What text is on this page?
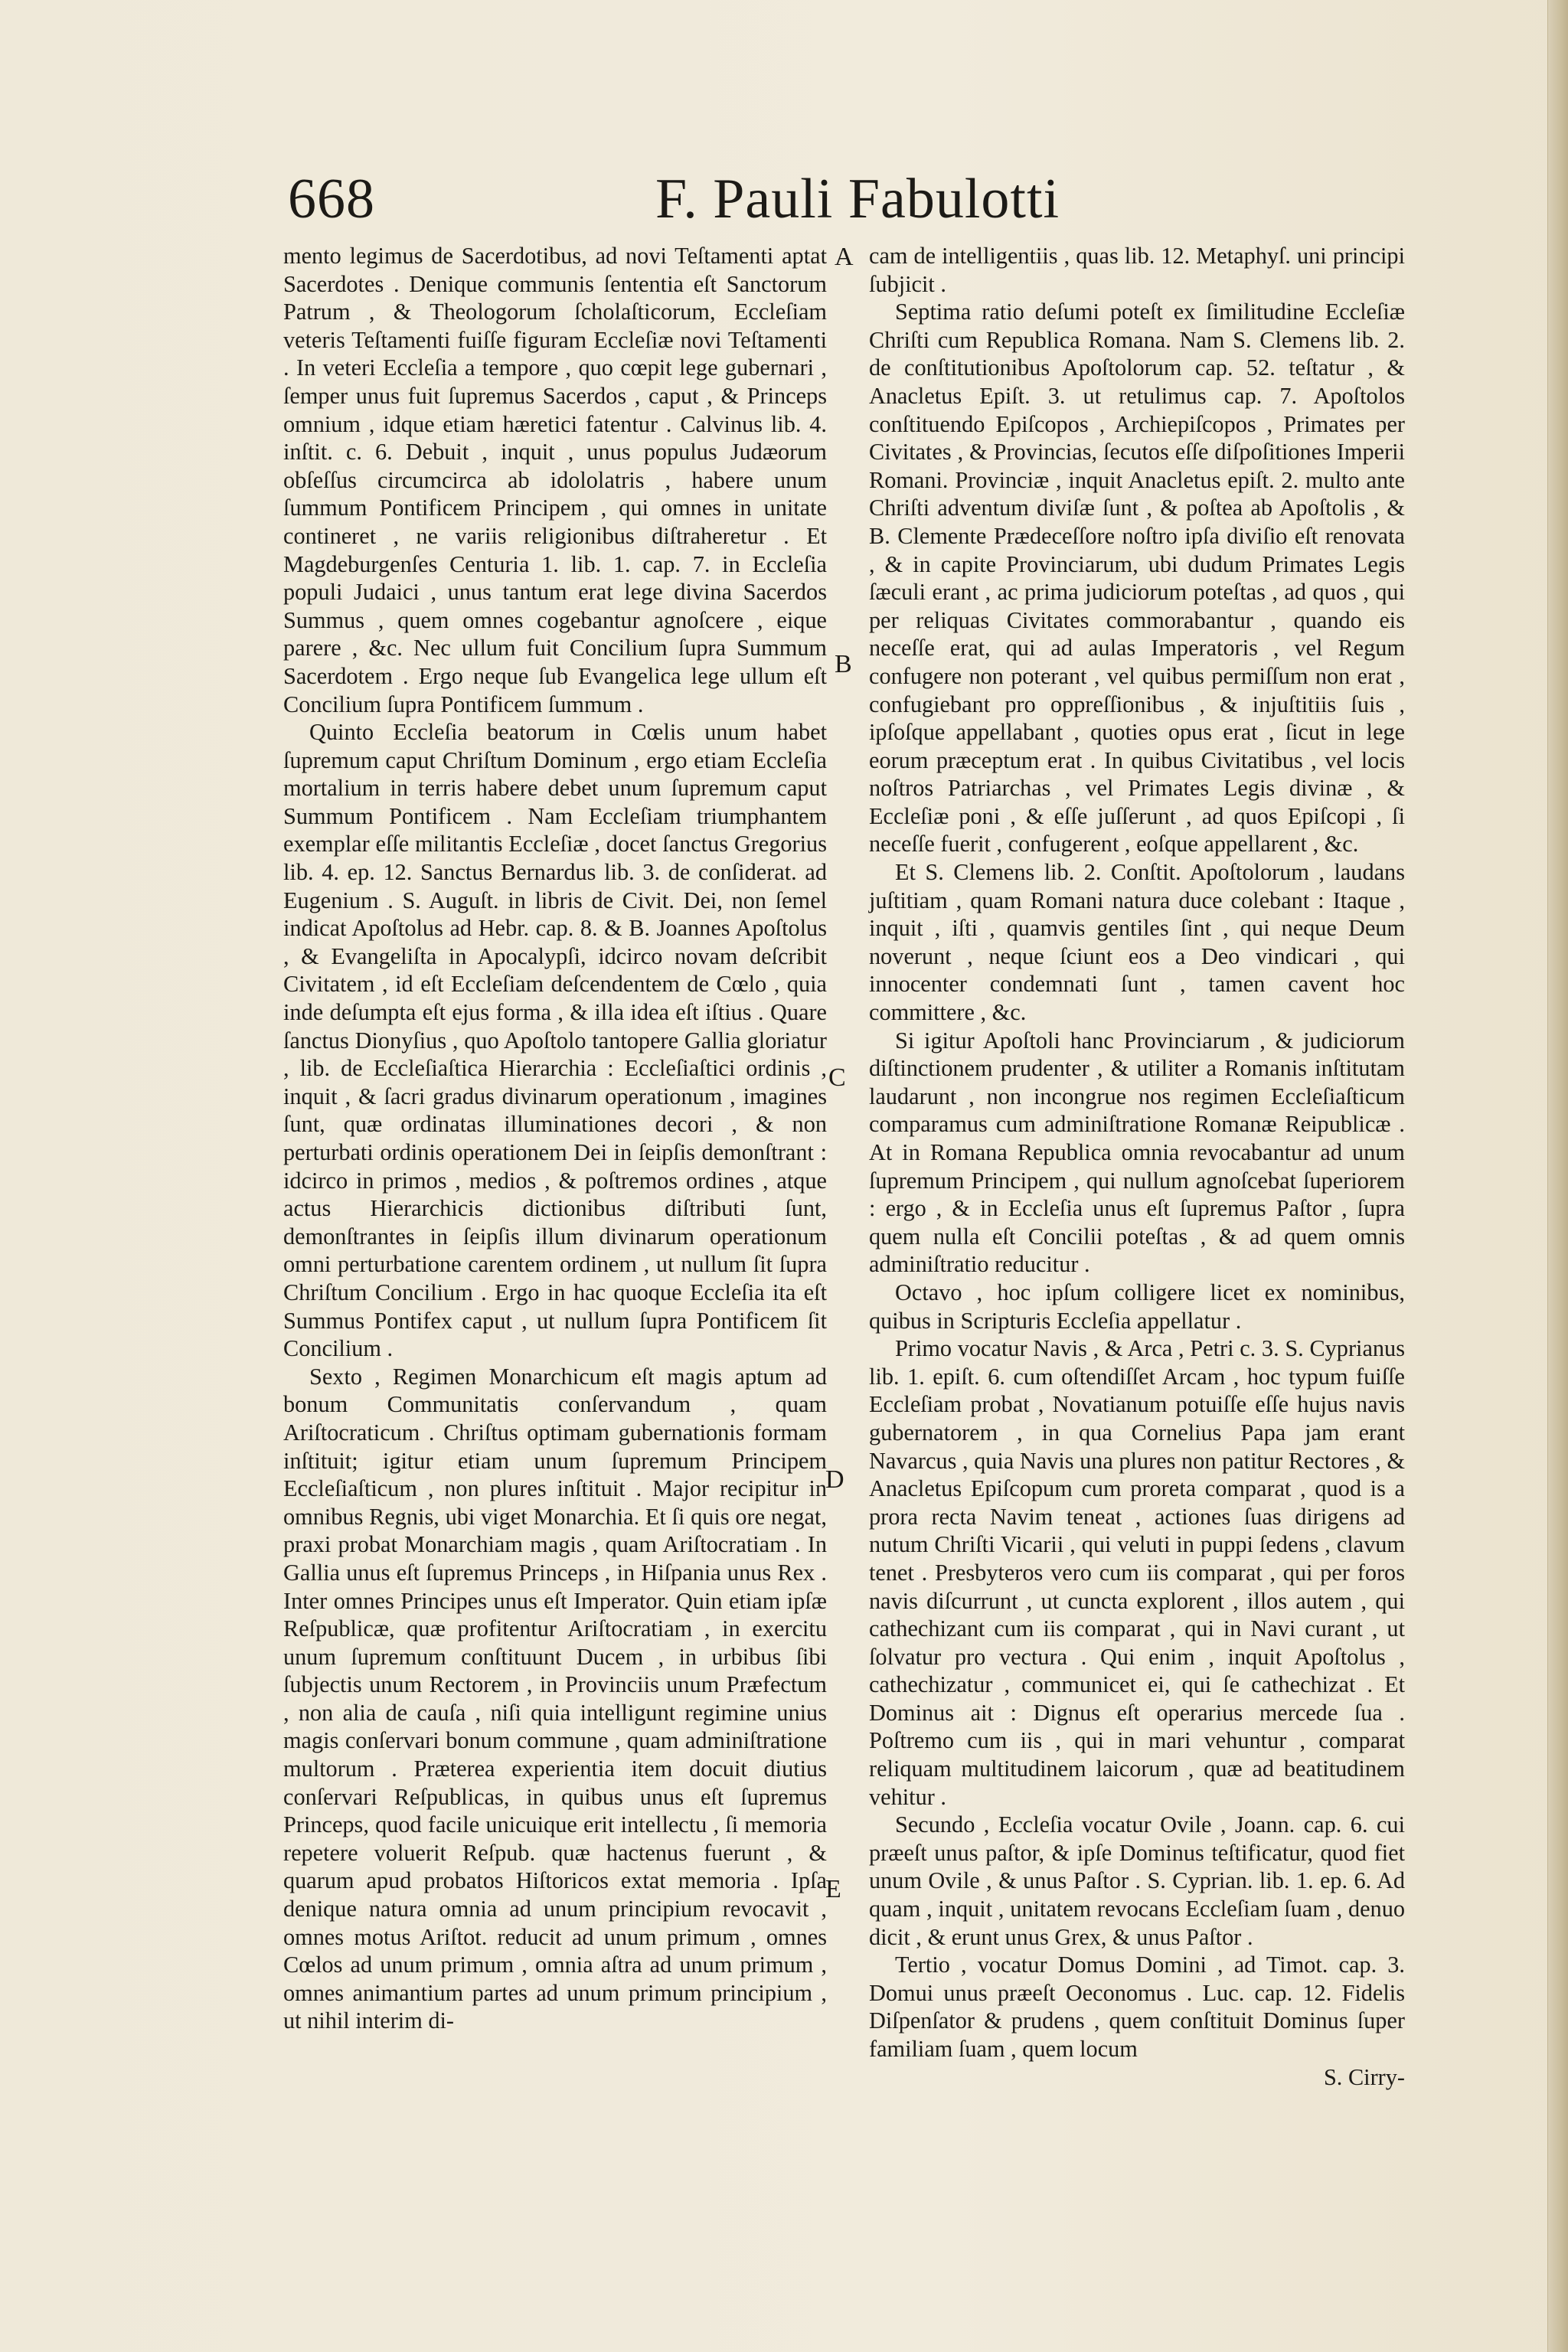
668	F. Pauli Fabulotti

mento legimus de Sacerdotibus, ad novi Teſtamenti aptat Sacerdotes . Denique communis ſententia eſt Sanctorum Patrum , & Theologorum ſcholaſticorum, Eccleſiam veteris Teſtamenti fuiſſe figuram Eccleſiæ novi Teſtamenti . In veteri Eccleſia a tempore , quo cœpit lege gubernari , ſemper unus fuit ſupremus Sacerdos , caput , & Princeps omnium , idque etiam hæretici fatentur . Calvinus lib. 4. inſtit. c. 6. Debuit , inquit , unus populus Judæorum obſeſſus circumcirca ab idololatris , habere unum ſummum Pontificem Principem , qui omnes in unitate contineret , ne variis religionibus diſtraheretur . Et Magdeburgenſes Centuria 1. lib. 1. cap. 7. in Eccleſia populi Judaici , unus tantum erat lege divina Sacerdos Summus , quem omnes cogebantur agnoſcere , eique parere , &c. Nec ullum fuit Concilium ſupra Summum Sacerdotem . Ergo neque ſub Evangelica lege ullum eſt Concilium ſupra Pontificem ſummum .

Quinto Eccleſia beatorum in Cœlis unum habet ſupremum caput Chriſtum Dominum , ergo etiam Eccleſia mortalium in terris habere debet unum ſupremum caput Summum Pontificem . Nam Eccleſiam triumphantem exemplar eſſe militantis Eccleſiæ , docet ſanctus Gregorius lib. 4. ep. 12. Sanctus Bernardus lib. 3. de conſiderat. ad Eugenium . S. Auguſt. in libris de Civit. Dei, non ſemel indicat Apoſtolus ad Hebr. cap. 8. & B. Joannes Apoſtolus , & Evangeliſta in Apocalypſi, idcirco novam deſcribit Civitatem , id eſt Eccleſiam deſcendentem de Cœlo , quia inde deſumpta eſt ejus forma , & illa idea eſt iſtius . Quare ſanctus Dionyſius , quo Apoſtolo tantopere Gallia gloriatur , lib. de Eccleſiaſtica Hierarchia : Eccleſiaſtici ordinis , inquit , & ſacri gradus divinarum operationum , imagines ſunt, quæ ordinatas illuminationes decori , & non perturbati ordinis operationem Dei in ſeipſis demonſtrant : idcirco in primos , medios , & poſtremos ordines , atque actus Hierarchicis dictionibus diſtributi ſunt, demonſtrantes in ſeipſis illum divinarum operationum omni perturbatione carentem ordinem , ut nullum ſit ſupra Chriſtum Concilium . Ergo in hac quoque Eccleſia ita eſt Summus Pontifex caput , ut nullum ſupra Pontificem ſit Concilium .

Sexto , Regimen Monarchicum eſt magis aptum ad bonum Communitatis conſervandum , quam Ariſtocraticum . Chriſtus optimam gubernationis formam inſtituit; igitur etiam unum ſupremum Principem Eccleſiaſticum , non plures inſtituit . Major recipitur in omnibus Regnis, ubi viget Monarchia. Et ſi quis ore negat, praxi probat Monarchiam magis , quam Ariſtocratiam . In Gallia unus eſt ſupremus Princeps , in Hiſpania unus Rex . Inter omnes Principes unus eſt Imperator. Quin etiam ipſæ Reſpublicæ, quæ profitentur Ariſtocratiam , in exercitu unum ſupremum conſtituunt Ducem , in urbibus ſibi ſubjectis unum Rectorem , in Provinciis unum Præfectum , non alia de cauſa , niſi quia intelligunt regimine unius magis conſervari bonum commune , quam adminiſtratione multorum . Præterea experientia item docuit diutius conſervari Reſpublicas, in quibus unus eſt ſupremus Princeps, quod facile unicuique erit intellectu , ſi memoria repetere voluerit Reſpub. quæ hactenus fuerunt , & quarum apud probatos Hiſtoricos extat memoria . Ipſa denique natura omnia ad unum principium revocavit , omnes motus Ariſtot. reducit ad unum primum , omnes Cœlos ad unum primum , omnia aſtra ad unum primum , omnes animantium partes ad unum primum principium , ut nihil interim di-

A
B
C
D
E

cam de intelligentiis , quas lib. 12. Metaphyſ. uni principi ſubjicit .

Septima ratio deſumi poteſt ex ſimilitudine Eccleſiæ Chriſti cum Republica Romana. Nam S. Clemens lib. 2. de conſtitutionibus Apoſtolorum cap. 52. teſtatur , & Anacletus Epiſt. 3. ut retulimus cap. 7. Apoſtolos conſtituendo Epiſcopos , Archiepiſcopos , Primates per Civitates , & Provincias, ſecutos eſſe diſpoſitiones Imperii Romani. Provinciæ , inquit Anacletus epiſt. 2. multo ante Chriſti adventum diviſæ ſunt , & poſtea ab Apoſtolis , & B. Clemente Prædeceſſore noſtro ipſa diviſio eſt renovata , & in capite Provinciarum, ubi dudum Primates Legis ſæculi erant , ac prima judiciorum poteſtas , ad quos , qui per reliquas Civitates commorabantur , quando eis neceſſe erat, qui ad aulas Imperatoris , vel Regum confugere non poterant , vel quibus permiſſum non erat , confugiebant pro oppreſſionibus , & injuſtitiis ſuis , ipſoſque appellabant , quoties opus erat , ſicut in lege eorum præceptum erat . In quibus Civitatibus , vel locis noſtros Patriarchas , vel Primates Legis divinæ , & Eccleſiæ poni , & eſſe juſſerunt , ad quos Epiſcopi , ſi neceſſe fuerit , confugerent , eoſque appellarent , &c.

Et S. Clemens lib. 2. Conſtit. Apoſtolorum , laudans juſtitiam , quam Romani natura duce colebant : Itaque , inquit , iſti , quamvis gentiles ſint , qui neque Deum noverunt , neque ſciunt eos a Deo vindicari , qui innocenter condemnati ſunt , tamen cavent hoc committere , &c.

Si igitur Apoſtoli hanc Provinciarum , & judiciorum diſtinctionem prudenter , & utiliter a Romanis inſtitutam laudarunt , non incongrue nos regimen Eccleſiaſticum comparamus cum adminiſtratione Romanæ Reipublicæ . At in Romana Republica omnia revocabantur ad unum ſupremum Principem , qui nullum agnoſcebat ſuperiorem : ergo , & in Eccleſia unus eſt ſupremus Paſtor , ſupra quem nulla eſt Concilii poteſtas , & ad quem omnis adminiſtratio reducitur .

Octavo , hoc ipſum colligere licet ex nominibus, quibus in Scripturis Eccleſia appellatur .

Primo vocatur Navis , & Arca , Petri c. 3. S. Cyprianus lib. 1. epiſt. 6. cum oſtendiſſet Arcam , hoc typum fuiſſe Eccleſiam probat , Novatianum potuiſſe eſſe hujus navis gubernatorem , in qua Cornelius Papa jam erant Navarcus , quia Navis una plures non patitur Rectores , & Anacletus Epiſcopum cum proreta comparat , quod is a prora recta Navim teneat , actiones ſuas dirigens ad nutum Chriſti Vicarii , qui veluti in puppi ſedens , clavum tenet . Presbyteros vero cum iis comparat , qui per foros navis diſcurrunt , ut cuncta explorent , illos autem , qui cathechizant cum iis comparat , qui in Navi curant , ut ſolvatur pro vectura . Qui enim , inquit Apoſtolus , cathechizatur , communicet ei, qui ſe cathechizat . Et Dominus ait : Dignus eſt operarius mercede ſua . Poſtremo cum iis , qui in mari vehuntur , comparat reliquam multitudinem laicorum , quæ ad beatitudinem vehitur .

Secundo , Eccleſia vocatur Ovile , Joann. cap. 6. cui præeſt unus paſtor, & ipſe Dominus teſtificatur, quod fiet unum Ovile , & unus Paſtor . S. Cyprian. lib. 1. ep. 6. Ad quam , inquit , unitatem revocans Eccleſiam ſuam , denuo dicit , & erunt unus Grex, & unus Paſtor .

Tertio , vocatur Domus Domini , ad Timot. cap. 3. Domui unus præeſt Oeconomus . Luc. cap. 12. Fidelis Diſpenſator & prudens , quem conſtituit Dominus ſuper familiam ſuam , quem locum

S. Cirry-
